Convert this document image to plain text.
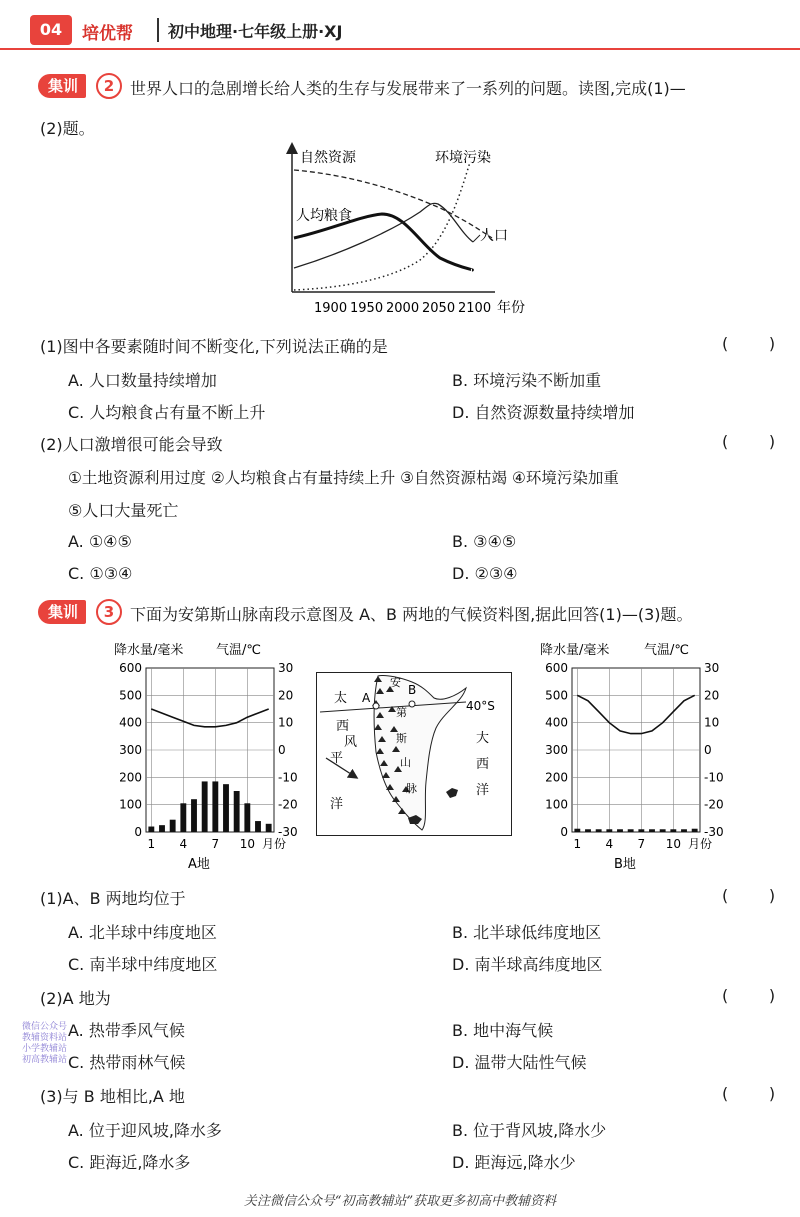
04	培优帮 初中地理·七年级上册·XJ
集训	2 世界人口的急剧增长给人类的生存与发展带来了一系列的问题。读图,完成(1)—
(2)题。
自然资源	环境污染
人均粮食
人口
1900 1950 2000 2050 2100 年份
(1)图中各要素随时间不断变化,下列说法正确的是	(        )
A. 人口数量持续增加	B. 环境污染不断加重
C. 人均粮食占有量不断上升	D. 自然资源数量持续增加
(2)人口激增很可能会导致	(        )
①土地资源利用过度 ②人均粮食占有量持续上升 ③自然资源枯竭 ④环境污染加重
⑤人口大量死亡
A. ①④⑤	B. ③④⑤
C. ①③④	D. ②③④
集训	3 下面为安第斯山脉南段示意图及 A、B 两地的气候资料图,据此回答(1)—(3)题。
降水量/毫米	气温/℃
A地
600	30
500	20
400	10
300	0
200	-10
100	-20
0	-30
1 4 7 10 月份
A
B
40°S
太
平
洋
西
风
安
第
斯
山
脉
大
西
洋
降水量/毫米	气温/℃
B地
600	30
500	20
400	10
300	0
200	-10
100	-20
0	-30
1 4 7 10 月份
(1)A、B 两地均位于	(        )
A. 北半球中纬度地区	B. 北半球低纬度地区
C. 南半球中纬度地区	D. 南半球高纬度地区
(2)A 地为	(        )
A. 热带季风气候	B. 地中海气候
C. 热带雨林气候	D. 温带大陆性气候
(3)与 B 地相比,A 地	(        )
A. 位于迎风坡,降水多	B. 位于背风坡,降水少
C. 距海近,降水多	D. 距海远,降水少
微信公众号
教辅资料站
小学教辅站
初高教辅站
关注微信公众号“初高教辅站”获取更多初高中教辅资料
